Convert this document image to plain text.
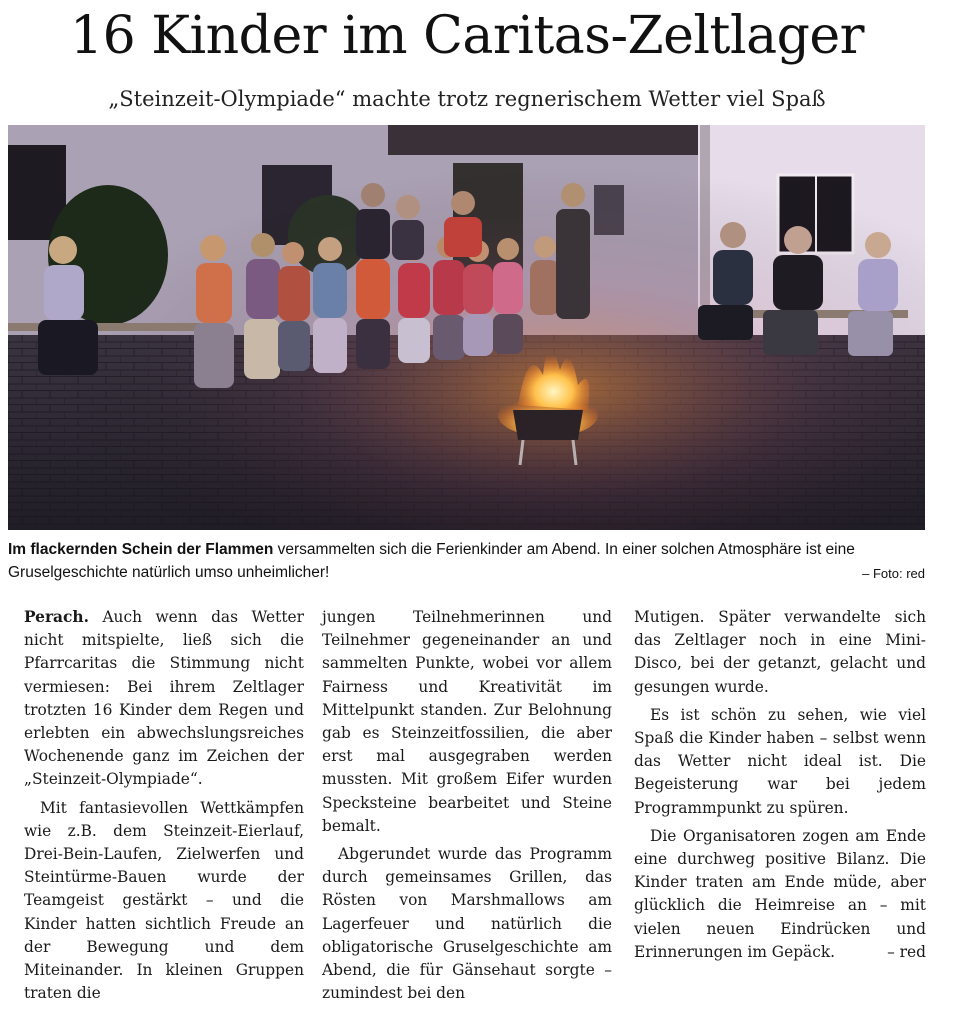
16 Kinder im Caritas-Zeltlager

„Steinzeit-Olympiade“ machte trotz regnerischem Wetter viel Spaß

Im flackernden Schein der Flammen versammelten sich die Ferienkinder am Abend. In einer solchen Atmosphäre ist eine Gruselgeschichte natürlich umso unheimlicher!	– Foto: red

Perach. Auch wenn das Wetter nicht mitspielte, ließ sich die Pfarrcaritas die Stimmung nicht vermiesen: Bei ihrem Zeltlager trotzten 16 Kinder dem Regen und erlebten ein abwechslungsreiches Wochenende ganz im Zeichen der „Steinzeit-Olympiade“.

Mit fantasievollen Wettkämpfen wie z.B. dem Steinzeit-Eierlauf, Drei-Bein-Laufen, Zielwerfen und Steintürme-Bauen wurde der Teamgeist gestärkt – und die Kinder hatten sichtlich Freude an der Bewegung und dem Miteinander. In kleinen Gruppen traten die

jungen Teilnehmerinnen und Teilnehmer gegeneinander an und sammelten Punkte, wobei vor allem Fairness und Kreativität im Mittelpunkt standen. Zur Belohnung gab es Steinzeitfossilien, die aber erst mal ausgegraben werden mussten. Mit großem Eifer wurden Specksteine bearbeitet und Steine bemalt.

Abgerundet wurde das Programm durch gemeinsames Grillen, das Rösten von Marshmallows am Lagerfeuer und natürlich die obligatorische Gruselgeschichte am Abend, die für Gänsehaut sorgte – zumindest bei den

Mutigen. Später verwandelte sich das Zeltlager noch in eine Mini-Disco, bei der getanzt, gelacht und gesungen wurde.

Es ist schön zu sehen, wie viel Spaß die Kinder haben – selbst wenn das Wetter nicht ideal ist. Die Begeisterung war bei jedem Programmpunkt zu spüren.

Die Organisatoren zogen am Ende eine durchweg positive Bilanz. Die Kinder traten am Ende müde, aber glücklich die Heimreise an – mit vielen neuen Eindrücken und Erinnerungen im Gepäck.	– red
